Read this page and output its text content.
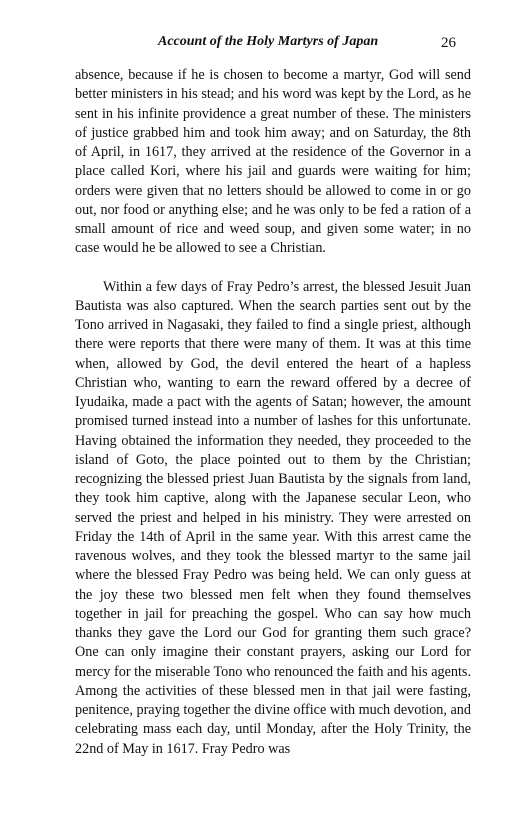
Account of the Holy Martyrs of Japan	26

absence, because if he is chosen to become a martyr, God will send better ministers in his stead; and his word was kept by the Lord, as he sent in his infinite providence a great number of these. The ministers of justice grabbed him and took him away; and on Saturday, the 8th of April, in 1617, they arrived at the residence of the Governor in a place called Kori, where his jail and guards were waiting for him; orders were given that no letters should be allowed to come in or go out, nor food or anything else; and he was only to be fed a ration of a small amount of rice and weed soup, and given some water; in no case would he be allowed to see a Christian.

Within a few days of Fray Pedro’s arrest, the blessed Jesuit Juan Bautista was also captured. When the search parties sent out by the Tono arrived in Nagasaki, they failed to find a single priest, although there were reports that there were many of them. It was at this time when, allowed by God, the devil entered the heart of a hapless Christian who, wanting to earn the reward offered by a decree of Iyudaika, made a pact with the agents of Satan; however, the amount promised turned instead into a number of lashes for this unfortunate. Having obtained the information they needed, they proceeded to the island of Goto, the place pointed out to them by the Christian; recognizing the blessed priest Juan Bautista by the signals from land, they took him captive, along with the Japanese secular Leon, who served the priest and helped in his ministry. They were arrested on Friday the 14th of April in the same year. With this arrest came the ravenous wolves, and they took the blessed martyr to the same jail where the blessed Fray Pedro was being held. We can only guess at the joy these two blessed men felt when they found themselves together in jail for preaching the gospel. Who can say how much thanks they gave the Lord our God for granting them such grace? One can only imagine their constant prayers, asking our Lord for mercy for the miserable Tono who renounced the faith and his agents. Among the activities of these blessed men in that jail were fasting, penitence, praying together the divine office with much devotion, and celebrating mass each day, until Monday, after the Holy Trinity, the 22nd of May in 1617. Fray Pedro was
